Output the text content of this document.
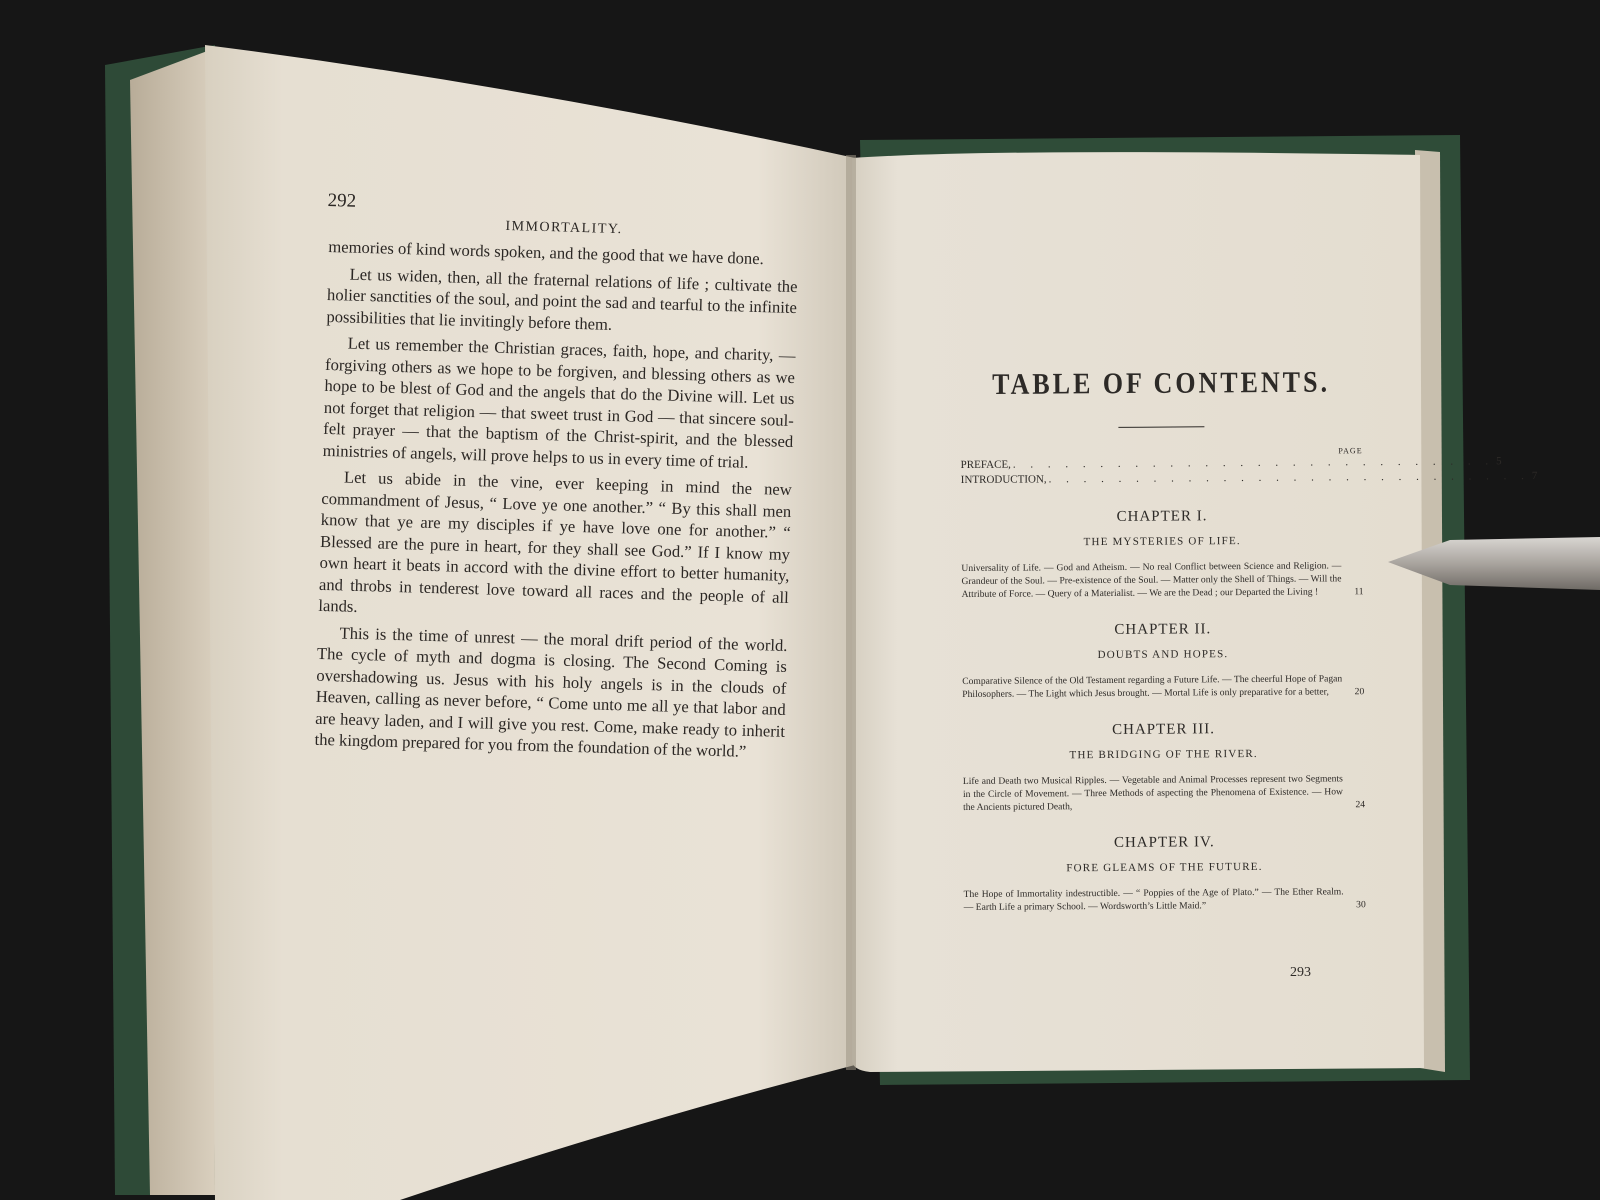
292
IMMORTALITY.

memories of kind words spoken, and the good that we have done.

Let us widen, then, all the fraternal relations of life ; cultivate the holier sanctities of the soul, and point the sad and tearful to the infinite possibilities that lie invitingly before them.

Let us remember the Christian graces, faith, hope, and charity, — forgiving others as we hope to be forgiven, and blessing others as we hope to be blest of God and the angels that do the Divine will. Let us not forget that religion — that sweet trust in God — that sincere soul-felt prayer — that the baptism of the Christ-spirit, and the blessed ministries of angels, will prove helps to us in every time of trial.

Let us abide in the vine, ever keeping in mind the new commandment of Jesus, “ Love ye one another.” “ By this shall men know that ye are my disciples if ye have love one for another.” “ Blessed are the pure in heart, for they shall see God.” If I know my own heart it beats in accord with the divine effort to better humanity, and throbs in tenderest love toward all races and the people of all lands.

This is the time of unrest — the moral drift period of the world. The cycle of myth and dogma is closing. The Second Coming is overshadowing us. Jesus with his holy angels is in the clouds of Heaven, calling as never before, “ Come unto me all ye that labor and are heavy laden, and I will give you rest. Come, make ready to inherit the kingdom prepared for you from the foundation of the world.”

TABLE OF CONTENTS.
PAGE
PREFACE, . . . . . . . . . . . . . . . . . . . . . . . . . . . . 5
INTRODUCTION, . . . . . . . . . . . . . . . . . . . . . . . . . . . . 7
CHAPTER I.
THE MYSTERIES OF LIFE.
Universality of Life. — God and Atheism. — No real Conflict between Science and Religion. — Grandeur of the Soul. — Pre-existence of the Soul. — Matter only the Shell of Things. — Will the Attribute of Force. — Query of a Materialist. — We are the Dead ; our Departed the Living !	11
CHAPTER II.
DOUBTS AND HOPES.
Comparative Silence of the Old Testament regarding a Future Life. — The cheerful Hope of Pagan Philosophers. — The Light which Jesus brought. — Mortal Life is only preparative for a better,	20
CHAPTER III.
THE BRIDGING OF THE RIVER.
Life and Death two Musical Ripples. — Vegetable and Animal Processes represent two Segments in the Circle of Movement. — Three Methods of aspecting the Phenomena of Existence. — How the Ancients pictured Death,	24
CHAPTER IV.
FORE GLEAMS OF THE FUTURE.
The Hope of Immortality indestructible. — “ Poppies of the Age of Plato.” — The Ether Realm. — Earth Life a primary School. — Wordsworth’s Little Maid.”	30
293
